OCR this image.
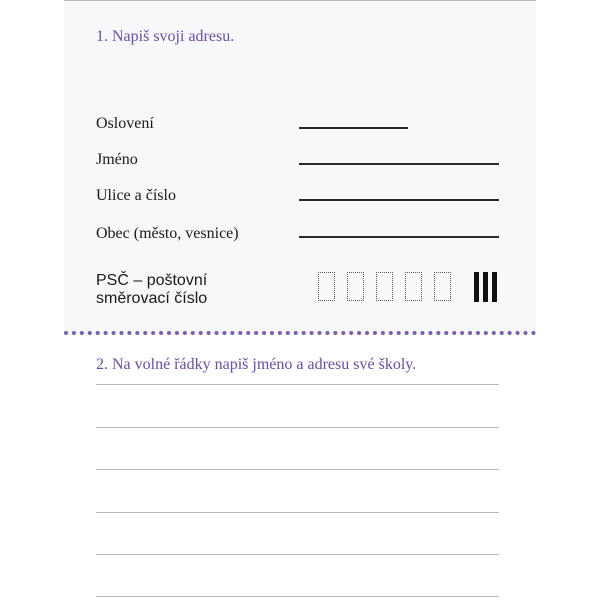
1. Napiš svoji adresu.
Oslovení
Jméno
Ulice a číslo
Obec (město, vesnice)
PSČ – poštovní
směrovací číslo
2. Na volné řádky napiš jméno a adresu své školy.
